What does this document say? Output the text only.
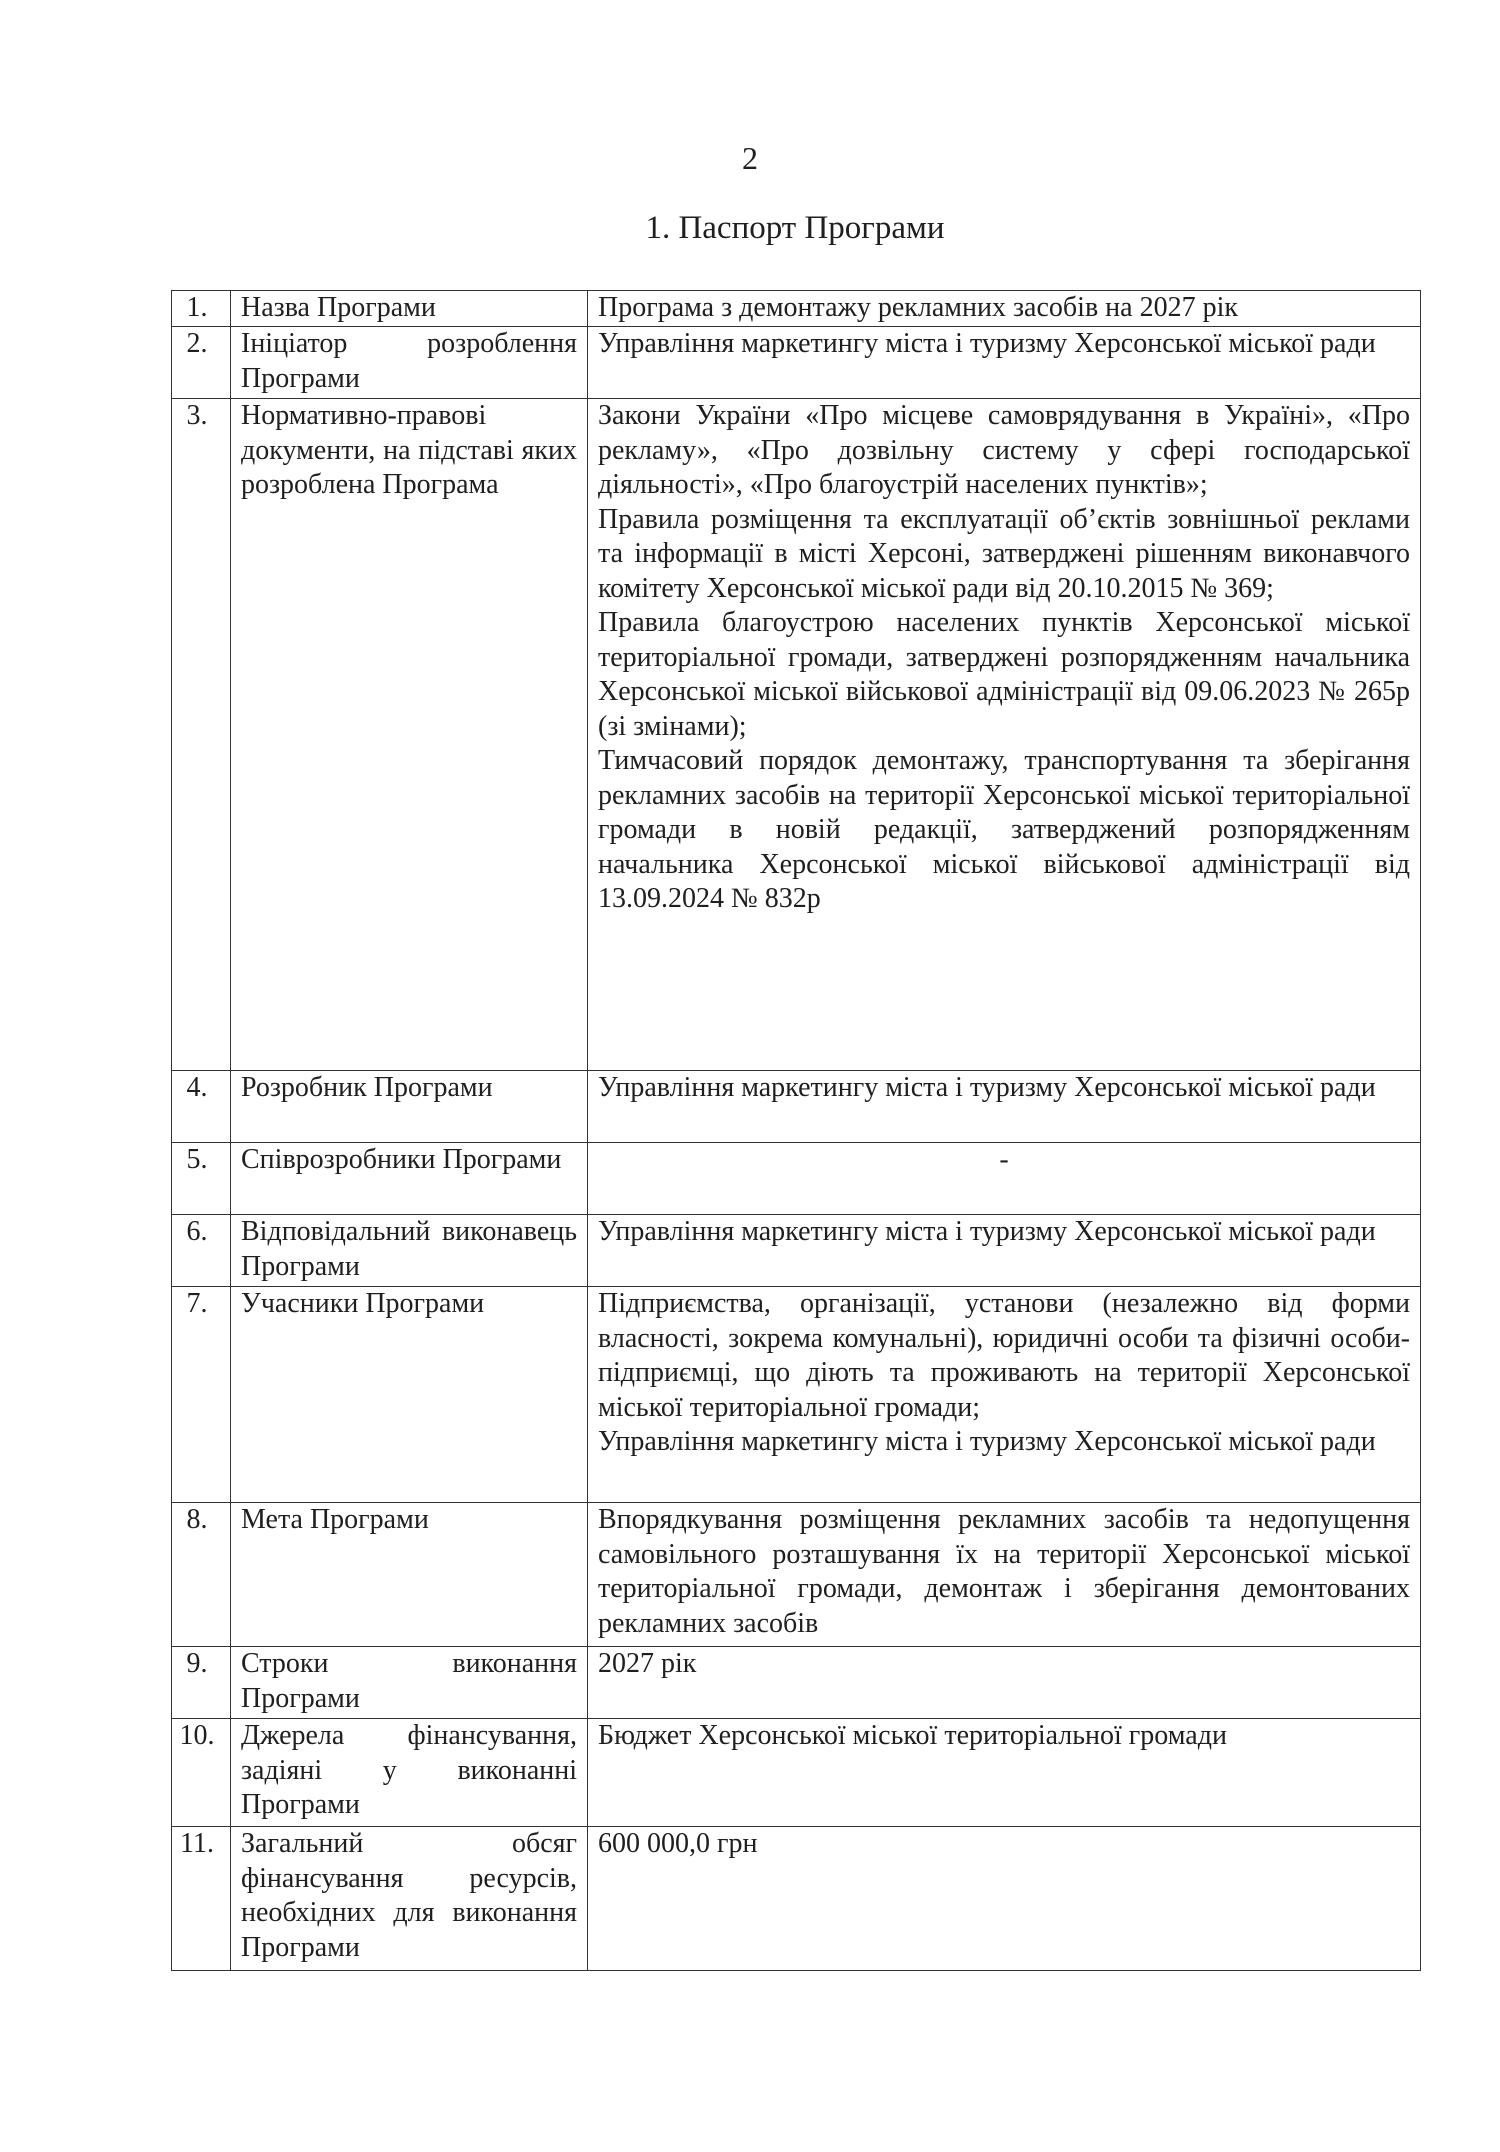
2
1. Паспорт Програми
1.	Назва Програми	Програма з демонтажу рекламних засобів на 2027 рік

2.	Ініціатор розроблення Програми	Управління маркетингу міста і туризму Херсонської міської ради

3.	Нормативно-правові документи, на підставі яких розроблена Програма	Закони України «Про місцеве самоврядування в Україні», «Про рекламу», «Про дозвільну систему у сфері господарської діяльності», «Про благоустрій населених пунктів»;
Правила розміщення та експлуатації об’єктів зовнішньої реклами та інформації в місті Херсоні, затверджені рішенням виконавчого комітету Херсонської міської ради від 20.10.2015 № 369;
Правила благоустрою населених пунктів Херсонської міської територіальної громади, затверджені розпорядженням начальника Херсонської міської військової адміністрації від 09.06.2023 № 265р (зі змінами);
Тимчасовий порядок демонтажу, транспортування та зберігання рекламних засобів на території Херсонської міської територіальної громади в новій редакції, затверджений розпорядженням начальника Херсонської міської військової адміністрації від 13.09.2024 № 832р

4.	Розробник Програми	Управління маркетингу міста і туризму Херсонської міської ради

5.	Співрозробники Програми	-

6.	Відповідальний виконавець Програми	Управління маркетингу міста і туризму Херсонської міської ради

7.	Учасники Програми	Підприємства, організації, установи (незалежно від форми власності, зокрема комунальні), юридичні особи та фізичні особи-підприємці, що діють та проживають на території Херсонської міської територіальної громади;
Управління маркетингу міста і туризму Херсонської міської ради

8.	Мета Програми	Впорядкування розміщення рекламних засобів та недопущення самовільного розташування їх на території Херсонської міської територіальної громади, демонтаж і зберігання демонтованих рекламних засобів

9.	Строки виконання Програми	2027 рік

10.	Джерела фінансування, задіяні у виконанні Програми	Бюджет Херсонської міської територіальної громади

11.	Загальний обсяг фінансування ресурсів, необхідних для виконання Програми	600 000,0 грн
